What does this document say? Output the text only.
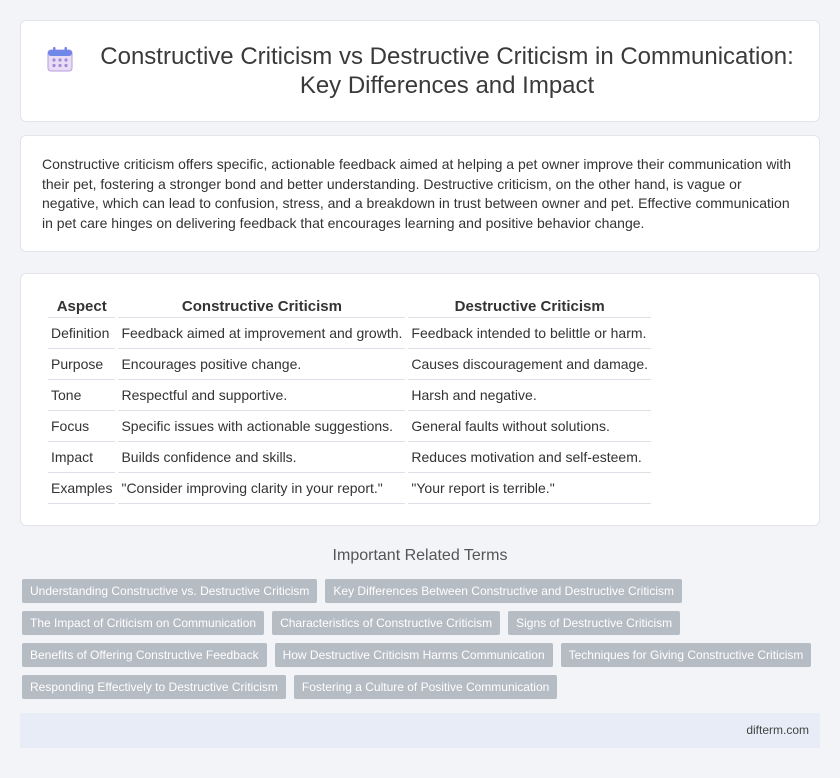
Constructive Criticism vs Destructive Criticism in Communication: Key Differences and Impact

Constructive criticism offers specific, actionable feedback aimed at helping a pet owner improve their communication with their pet, fostering a stronger bond and better understanding. Destructive criticism, on the other hand, is vague or negative, which can lead to confusion, stress, and a breakdown in trust between owner and pet. Effective communication in pet care hinges on delivering feedback that encourages learning and positive behavior change.

Aspect	Constructive Criticism	Destructive Criticism
Definition	Feedback aimed at improvement and growth.	Feedback intended to belittle or harm.
Purpose	Encourages positive change.	Causes discouragement and damage.
Tone	Respectful and supportive.	Harsh and negative.
Focus	Specific issues with actionable suggestions.	General faults without solutions.
Impact	Builds confidence and skills.	Reduces motivation and self-esteem.
Examples	"Consider improving clarity in your report."	"Your report is terrible."
Important Related Terms
Understanding Constructive vs. Destructive Criticism	Key Differences Between Constructive and Destructive Criticism
The Impact of Criticism on Communication	Characteristics of Constructive Criticism	Signs of Destructive Criticism
Benefits of Offering Constructive Feedback	How Destructive Criticism Harms Communication	Techniques for Giving Constructive Criticism
Responding Effectively to Destructive Criticism	Fostering a Culture of Positive Communication
difterm.com
